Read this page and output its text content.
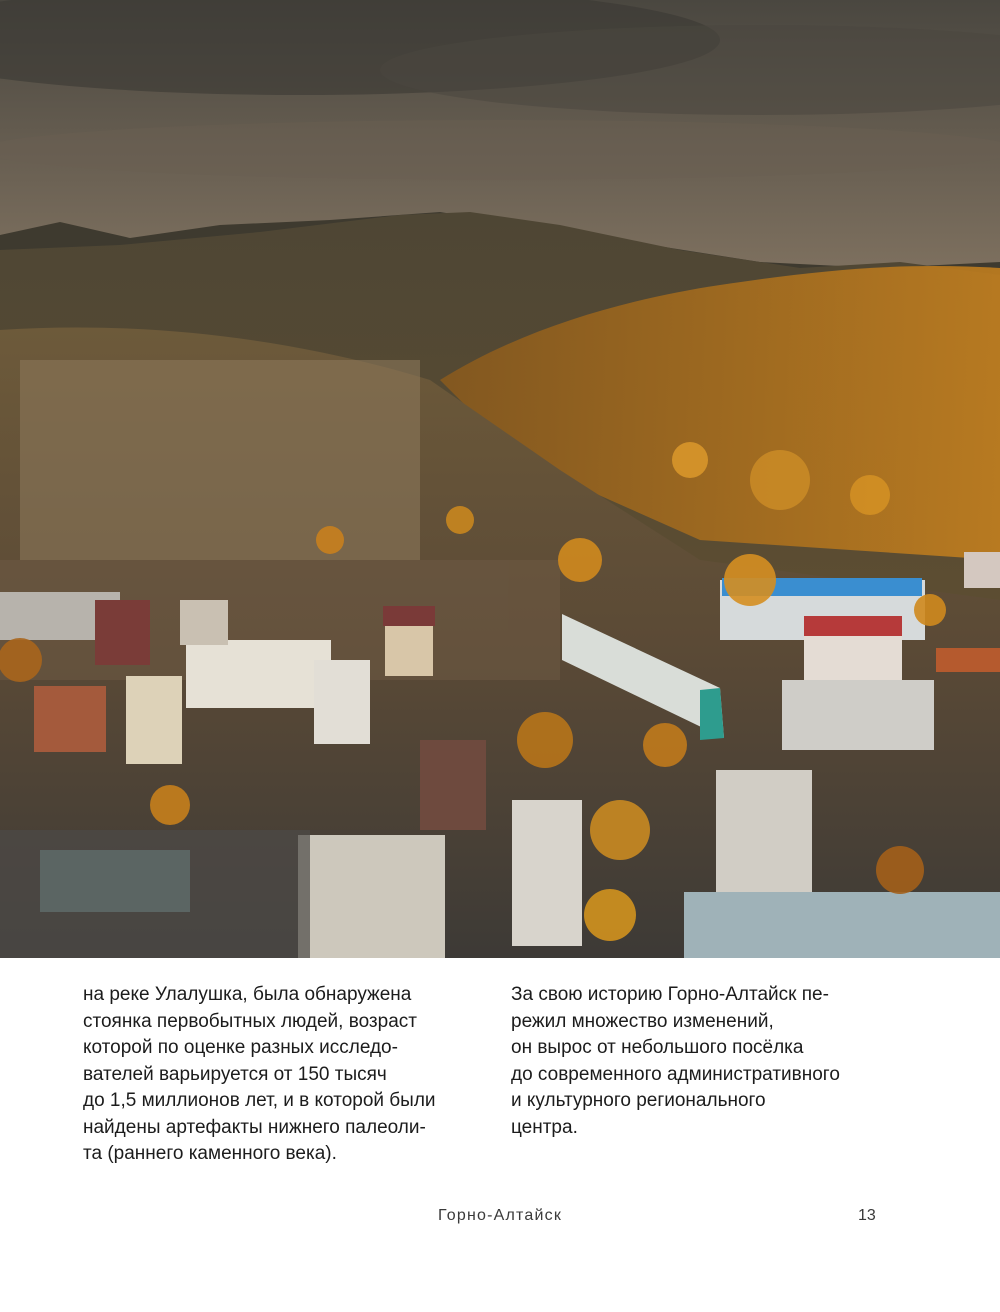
на реке Улалушка, была обнаружена
стоянка первобытных людей, возраст
которой по оценке разных исследо-
вателей варьируется от 150 тысяч
до 1,5 миллионов лет, и в которой были
найдены артефакты нижнего палеоли-
та (раннего каменного века).
За свою историю Горно-Алтайск пе-
режил множество изменений,
он вырос от небольшого посёлка
до современного административного
и культурного регионального
центра.
Горно-Алтайск	13
